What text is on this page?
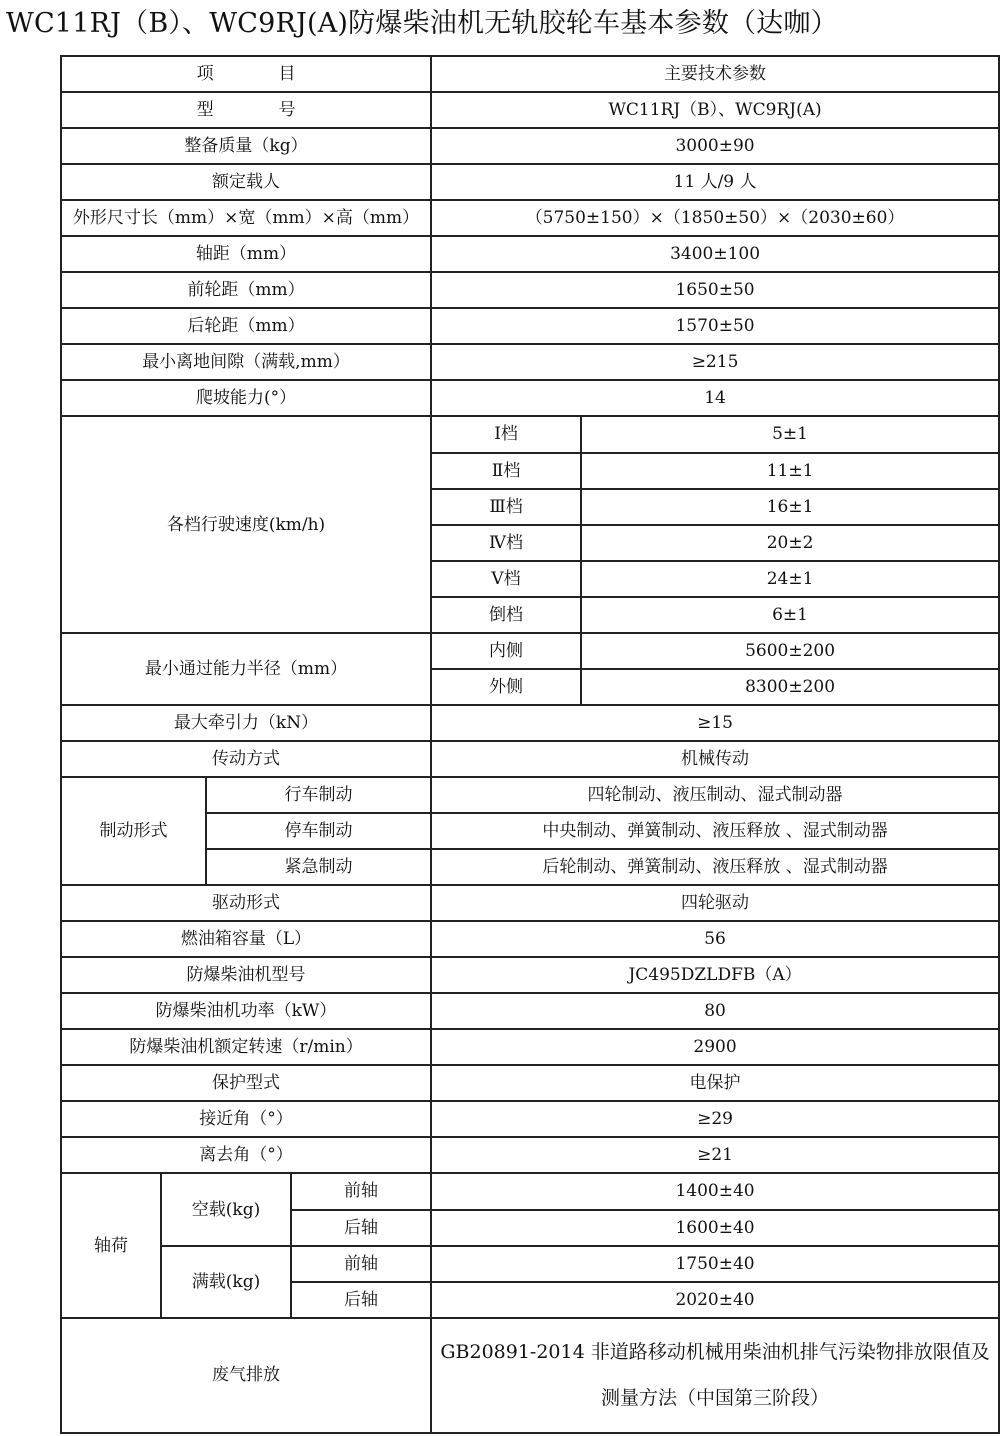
WC11RJ（B）、WC9RJ(A)防爆柴油机无轨胶轮车基本参数（达咖）
项            目				主要技术参数	
型            号				WC11RJ（B）、WC9RJ(A)	
整备质量（kg）				3000±90	
额定载人				11 人/9 人	
外形尺寸长（mm）×宽（mm）×高（mm）				（5750±150）×（1850±50）×（2030±60）	
轴距（mm）				3400±100	
前轮距（mm）				1650±50	
后轮距（mm）				1570±50	
最小离地间隙（满载,mm）				≥215	
爬坡能力(°）				14	
各档行驶速度(km/h)				Ⅰ档	5±1
				Ⅱ档	11±1
				Ⅲ档	16±1
				Ⅳ档	20±2
				Ⅴ档	24±1
				倒档	6±1
最小通过能力半径（mm）				内侧	5600±200
				外侧	8300±200
最大牵引力（kN）				≥15	
传动方式				机械传动	
制动形式		行车制动		四轮制动、液压制动、湿式制动器	
		停车制动		中央制动、弹簧制动、液压释放 、湿式制动器	
		紧急制动		后轮制动、弹簧制动、液压释放 、湿式制动器	
驱动形式				四轮驱动	
燃油箱容量（L）				56	
防爆柴油机型号				JC495DZLDFB（A）	
防爆柴油机功率（kW）				80	
防爆柴油机额定转速（r/min）				2900	
保护型式				电保护	
接近角（°）				≥29	
离去角（°）				≥21	
轴荷	空载(kg)		前轴	1400±40	
			后轴	1600±40	
	满载(kg)		前轴	1750±40	
			后轴	2020±40	
废气排放				GB20891-2014 非道路移动机械用柴油机排气污染物排放限值及测量方法（中国第三阶段）	
